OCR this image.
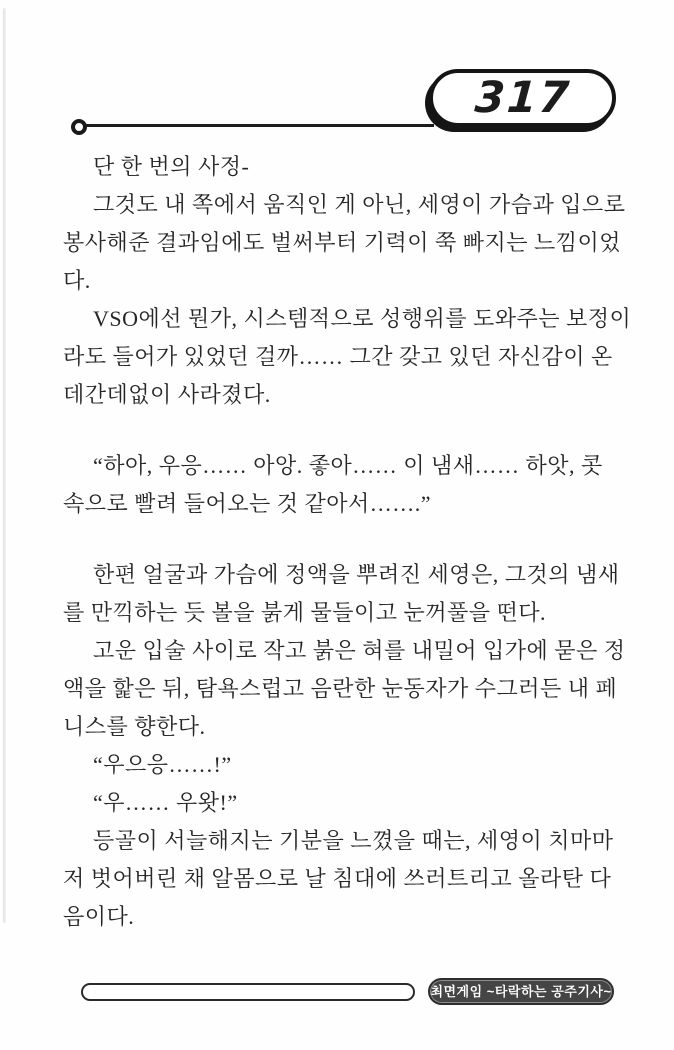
317
단 한 번의 사정-
그것도 내 쪽에서 움직인 게 아닌, 세영이 가슴과 입으로
봉사해준 결과임에도 벌써부터 기력이 쭉 빠지는 느낌이었
다.
VSO에선 뭔가, 시스템적으로 성행위를 도와주는 보정이
라도 들어가 있었던 걸까…… 그간 갖고 있던 자신감이 온
데간데없이 사라졌다.
“하아, 우응…… 아앙. 좋아…… 이 냄새…… 하앗, 콧
속으로 빨려 들어오는 것 같아서…….”
한편 얼굴과 가슴에 정액을 뿌려진 세영은, 그것의 냄새
를 만끽하는 듯 볼을 붉게 물들이고 눈꺼풀을 떤다.
고운 입술 사이로 작고 붉은 혀를 내밀어 입가에 묻은 정
액을 핥은 뒤, 탐욕스럽고 음란한 눈동자가 수그러든 내 페
니스를 향한다.
“우으응……!”
“우…… 우왓!”
등골이 서늘해지는 기분을 느꼈을 때는, 세영이 치마마
저 벗어버린 채 알몸으로 날 침대에 쓰러트리고 올라탄 다
음이다.
최면게임 ~타락하는 공주기사~
